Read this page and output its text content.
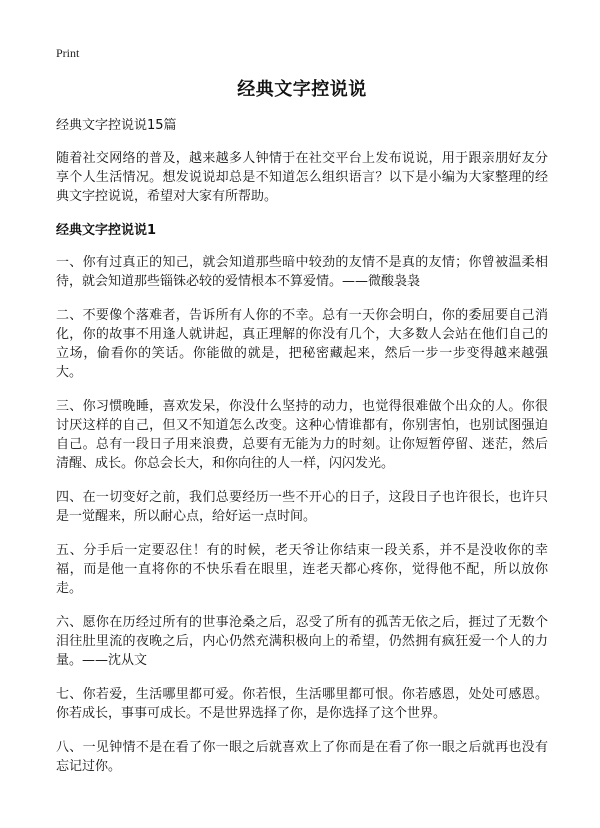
Print
经典文字控说说
经典文字控说说15篇
随着社交网络的普及，越来越多人钟情于在社交平台上发布说说，用于跟亲朋好友分享个人生活情况。想发说说却总是不知道怎么组织语言？以下是小编为大家整理的经典文字控说说，希望对大家有所帮助。
经典文字控说说1
一、你有过真正的知己，就会知道那些暗中较劲的友情不是真的友情；你曾被温柔相待，就会知道那些锱铢必较的爱情根本不算爱情。——微酸袅袅
二、不要像个落难者，告诉所有人你的不幸。总有一天你会明白，你的委屈要自己消化，你的故事不用逢人就讲起，真正理解的你没有几个，大多数人会站在他们自己的立场，偷看你的笑话。你能做的就是，把秘密藏起来，然后一步一步变得越来越强大。
三、你习惯晚睡，喜欢发呆，你没什么坚持的动力，也觉得很难做个出众的人。你很讨厌这样的自己，但又不知道怎么改变。这种心情谁都有，你别害怕，也别试图强迫自己。总有一段日子用来浪费，总要有无能为力的时刻。让你短暂停留、迷茫，然后清醒、成长。你总会长大，和你向往的人一样，闪闪发光。
四、在一切变好之前，我们总要经历一些不开心的日子，这段日子也许很长，也许只是一觉醒来，所以耐心点，给好运一点时间。
五、分手后一定要忍住！有的时候，老天爷让你结束一段关系，并不是没收你的幸福，而是他一直将你的不快乐看在眼里，连老天都心疼你，觉得他不配，所以放你走。
六、愿你在历经过所有的世事沧桑之后，忍受了所有的孤苦无依之后，捱过了无数个泪往肚里流的夜晚之后，内心仍然充满积极向上的希望，仍然拥有疯狂爱一个人的力量。——沈从文
七、你若爱，生活哪里都可爱。你若恨，生活哪里都可恨。你若感恩，处处可感恩。你若成长，事事可成长。不是世界选择了你，是你选择了这个世界。
八、一见钟情不是在看了你一眼之后就喜欢上了你而是在看了你一眼之后就再也没有忘记过你。
